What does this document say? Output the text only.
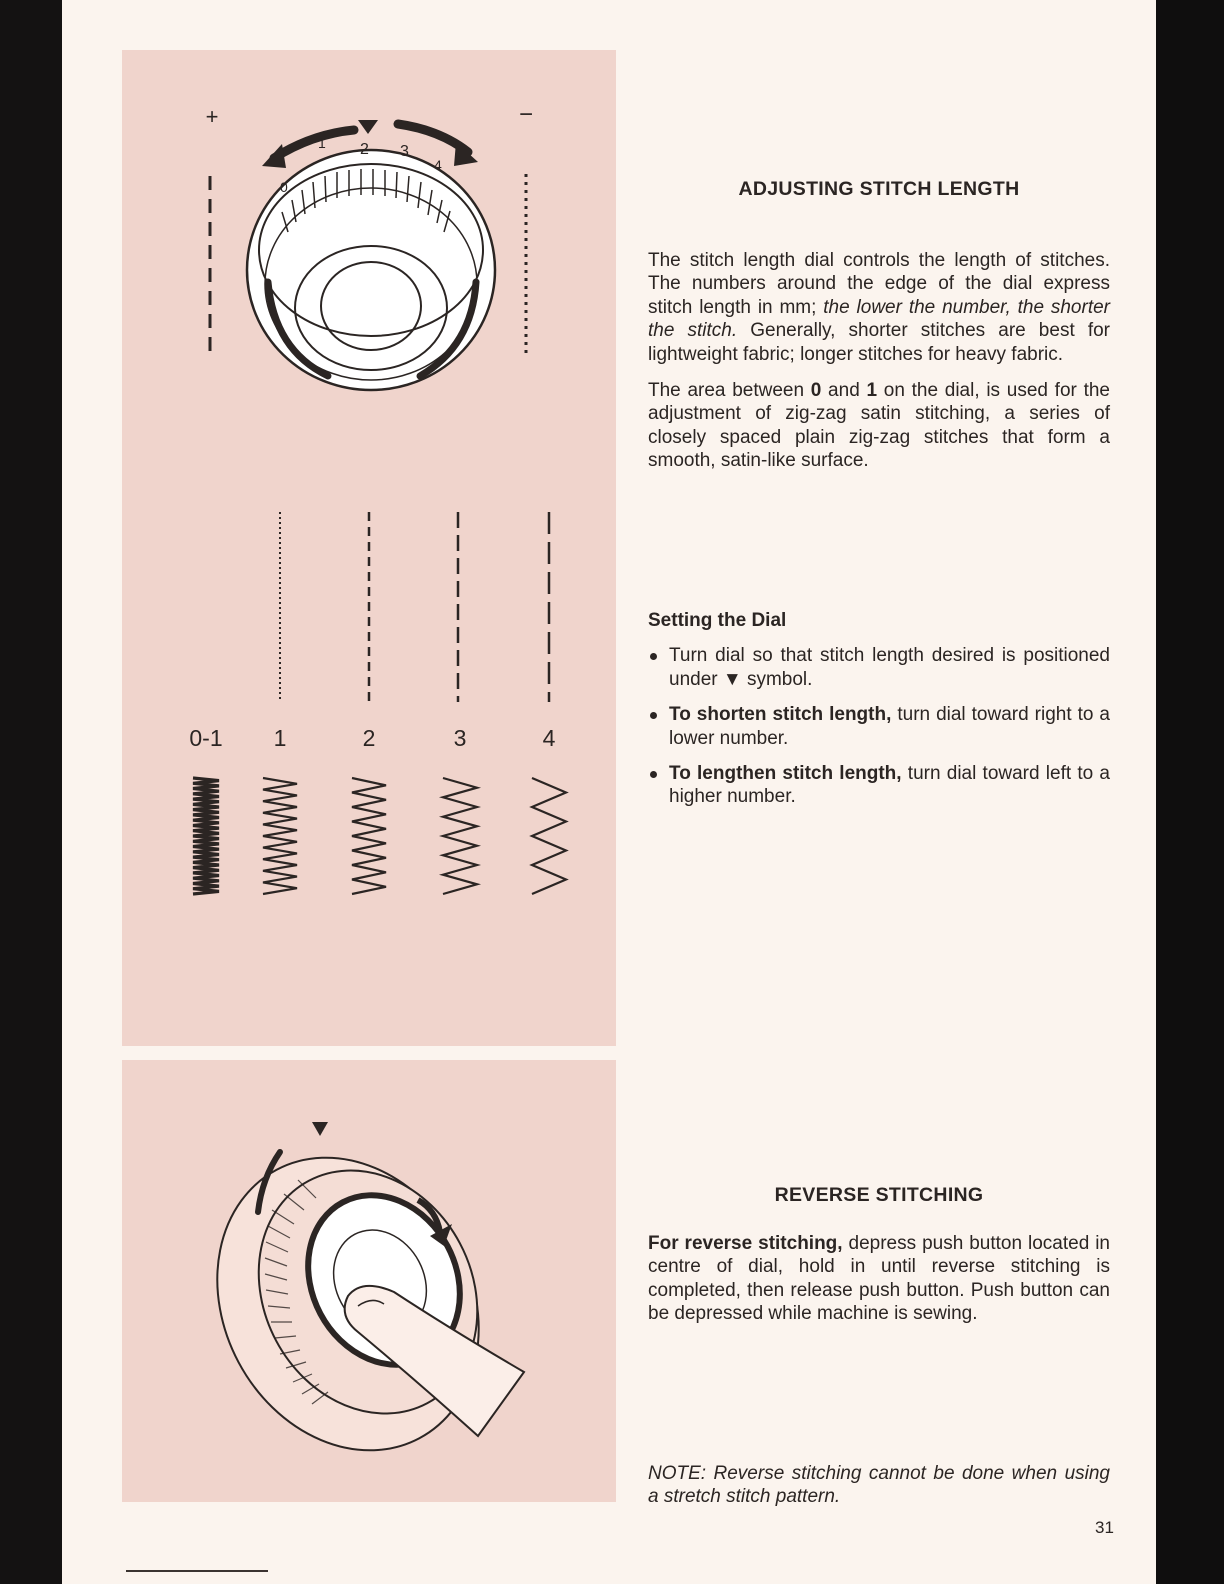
+	−
0
1 2 3
4
0-1 1	2	3	4
ADJUSTING STITCH LENGTH

The stitch length dial controls the length of stitches. The numbers around the edge of the dial express stitch length in mm; the lower the number, the shorter the stitch. Generally, shorter stitches are best for lightweight fabric; longer stitches for heavy fabric.

The area between 0 and 1 on the dial, is used for the adjustment of zig-zag satin stitching, a series of closely spaced plain zig-zag stitches that form a smooth, satin-like surface.

Setting the Dial

Turn dial so that stitch length desired is positioned under ▼ symbol.
To shorten stitch length, turn dial toward right to a lower number.
To lengthen stitch length, turn dial toward left to a higher number.
REVERSE STITCHING

For reverse stitching, depress push button located in centre of dial, hold in until reverse stitching is completed, then release push button. Push button can be depressed while machine is sewing.

NOTE: Reverse stitching cannot be done when using a stretch stitch pattern.

31
